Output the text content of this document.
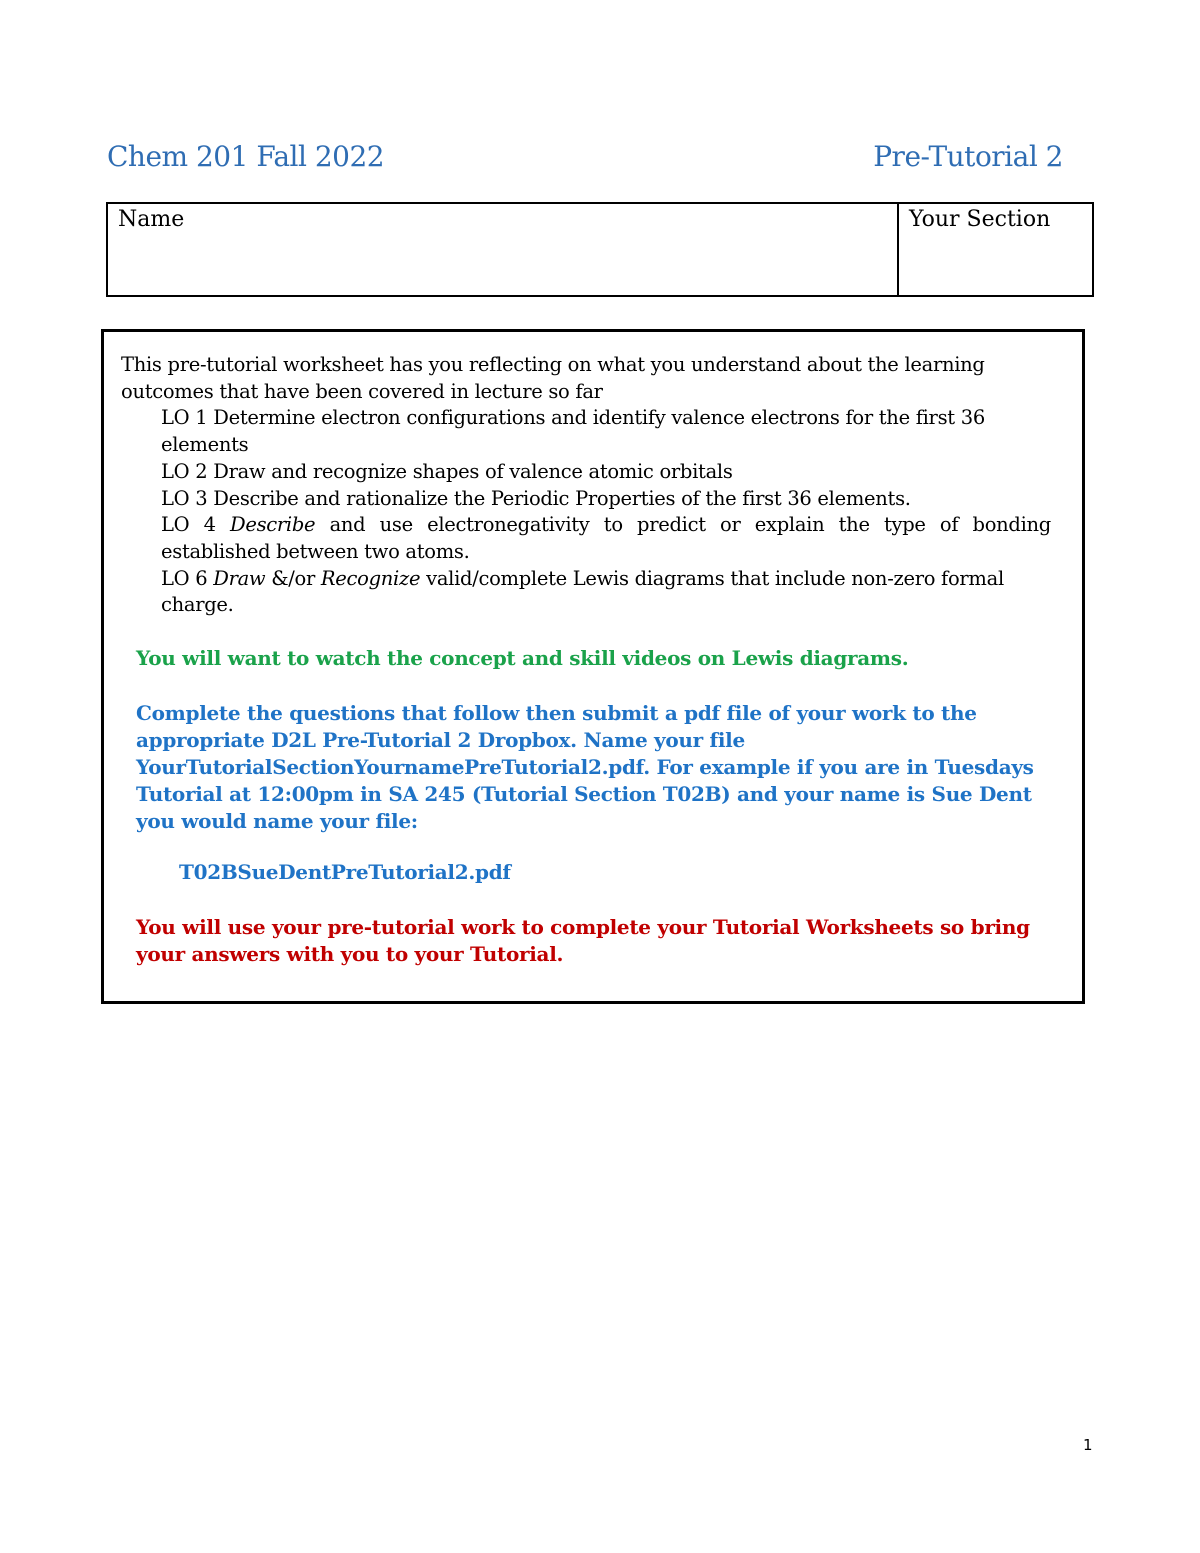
Chem 201 Fall 2022	Pre-Tutorial 2
Name	Your Section
This pre-tutorial worksheet has you reflecting on what you understand about the learning outcomes that have been covered in lecture so far
LO 1 Determine electron configurations and identify valence electrons for the first 36 elements
LO 2 Draw and recognize shapes of valence atomic orbitals
LO 3 Describe and rationalize the Periodic Properties of the first 36 elements.
LO 4 Describe and use electronegativity to predict or explain the type of bonding established between two atoms.
LO 6 Draw &/or Recognize valid/complete Lewis diagrams that include non-zero formal charge.
You will want to watch the concept and skill videos on Lewis diagrams.
Complete the questions that follow then submit a pdf file of your work to the appropriate D2L Pre-Tutorial 2 Dropbox. Name your file YourTutorialSectionYournamePreTutorial2.pdf. For example if you are in Tuesdays Tutorial at 12:00pm in SA 245 (Tutorial Section T02B) and your name is Sue Dent you would name your file:
T02BSueDentPreTutorial2.pdf
You will use your pre-tutorial work to complete your Tutorial Worksheets so bring your answers with you to your Tutorial.
1
